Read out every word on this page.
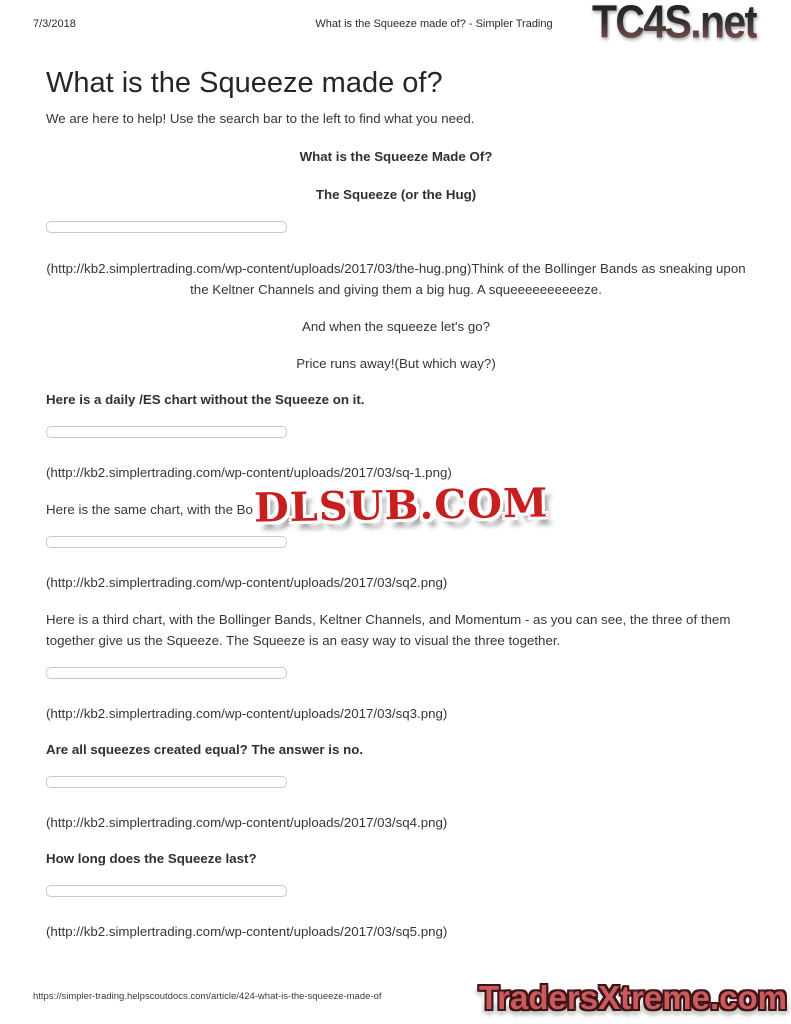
7/3/2018	What is the Squeeze made of? - Simpler Trading TC4S.net
DLSUB.COM
TradersXtreme.com
What is the Squeeze made of?

We are here to help! Use the search bar to the left to find what you need.

What is the Squeeze Made Of?

The Squeeze (or the Hug)

(http://kb2.simplertrading.com/wp-content/uploads/2017/03/the-hug.png)Think of the Bollinger Bands as sneaking upon the Keltner Channels and giving them a big hug. A squeeeeeeeeeeze.

And when the squeeze let's go?

Price runs away!(But which way?)

Here is a daily /ES chart without the Squeeze on it.

(http://kb2.simplertrading.com/wp-content/uploads/2017/03/sq-1.png)

Here is the same chart, with the Bo

(http://kb2.simplertrading.com/wp-content/uploads/2017/03/sq2.png)

Here is a third chart, with the Bollinger Bands, Keltner Channels, and Momentum - as you can see, the three of them together give us the Squeeze. The Squeeze is an easy way to visual the three together.

(http://kb2.simplertrading.com/wp-content/uploads/2017/03/sq3.png)

Are all squeezes created equal? The answer is no.

(http://kb2.simplertrading.com/wp-content/uploads/2017/03/sq4.png)

How long does the Squeeze last?

(http://kb2.simplertrading.com/wp-content/uploads/2017/03/sq5.png)

https://simpler-trading.helpscoutdocs.com/article/424-what-is-the-squeeze-made-of
